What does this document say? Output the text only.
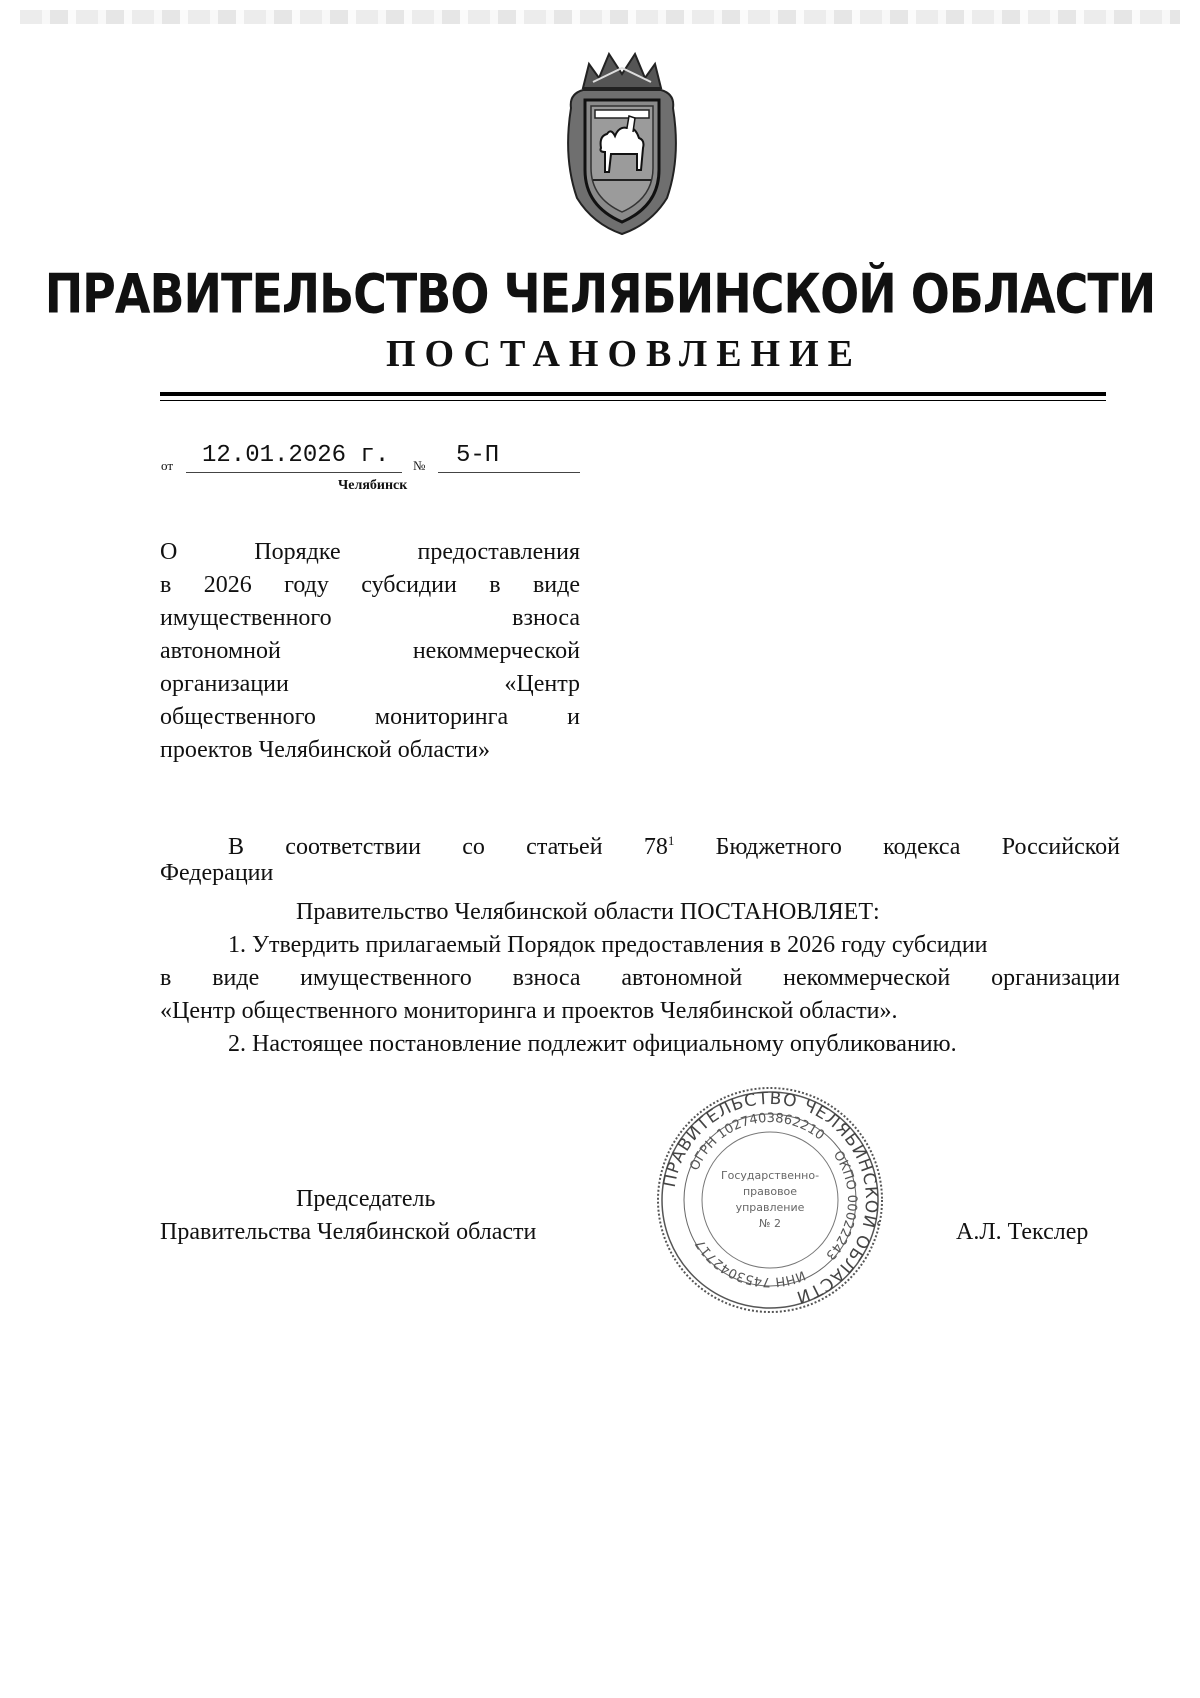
ПРАВИТЕЛЬСТВО ЧЕЛЯБИНСКОЙ ОБЛАСТИ
ПОСТАНОВЛЕНИЕ
от 12.01.2026 г. № 5-П
Челябинск
О Порядке предоставления
в 2026 году субсидии в виде
имущественного взноса
автономной некоммерческой
организации «Центр
общественного мониторинга и
проектов Челябинской области»
В соответствии со статьей $78^1$ Бюджетного кодекса Российской
Федерации
Правительство Челябинской области ПОСТАНОВЛЯЕТ:
1. Утвердить прилагаемый Порядок предоставления в 2026 году субсидии
в виде имущественного взноса автономной некоммерческой организации
«Центр общественного мониторинга и проектов Челябинской области».
2. Настоящее постановление подлежит официальному опубликованию.
Председатель
Правительства Челябинской области	А.Л. Текслер
ПРАВИТЕЛЬСТВО ЧЕЛЯБИНСКОЙ ОБЛАСТИ
ОГРН 1027403862210
ОКПО 00022243
ИНН 7453042717
Государственно-
правовое
управление
№ 2
